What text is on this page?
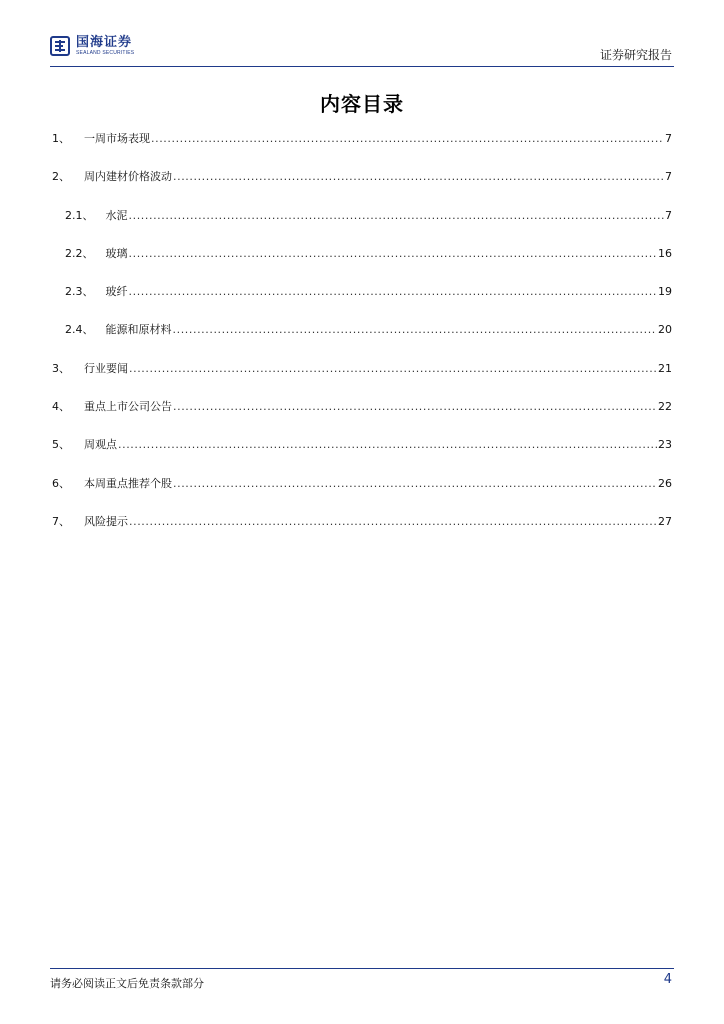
国海证券
SEALAND SECURITIES	证券研究报告
内容目录
1、 一周市场表现 .....	7
2、 周内建材价格波动 .....	7
2.1、 水泥 .....	7
2.2、 玻璃 .....	16
2.3、 玻纤 .....	19
2.4、 能源和原材料 .....	20
3、 行业要闻 .....	21
4、 重点上市公司公告 .....	22
5、 周观点 .....	23
6、 本周重点推荐个股 .....	26
7、 风险提示 .....	27
请务必阅读正文后免责条款部分	4
